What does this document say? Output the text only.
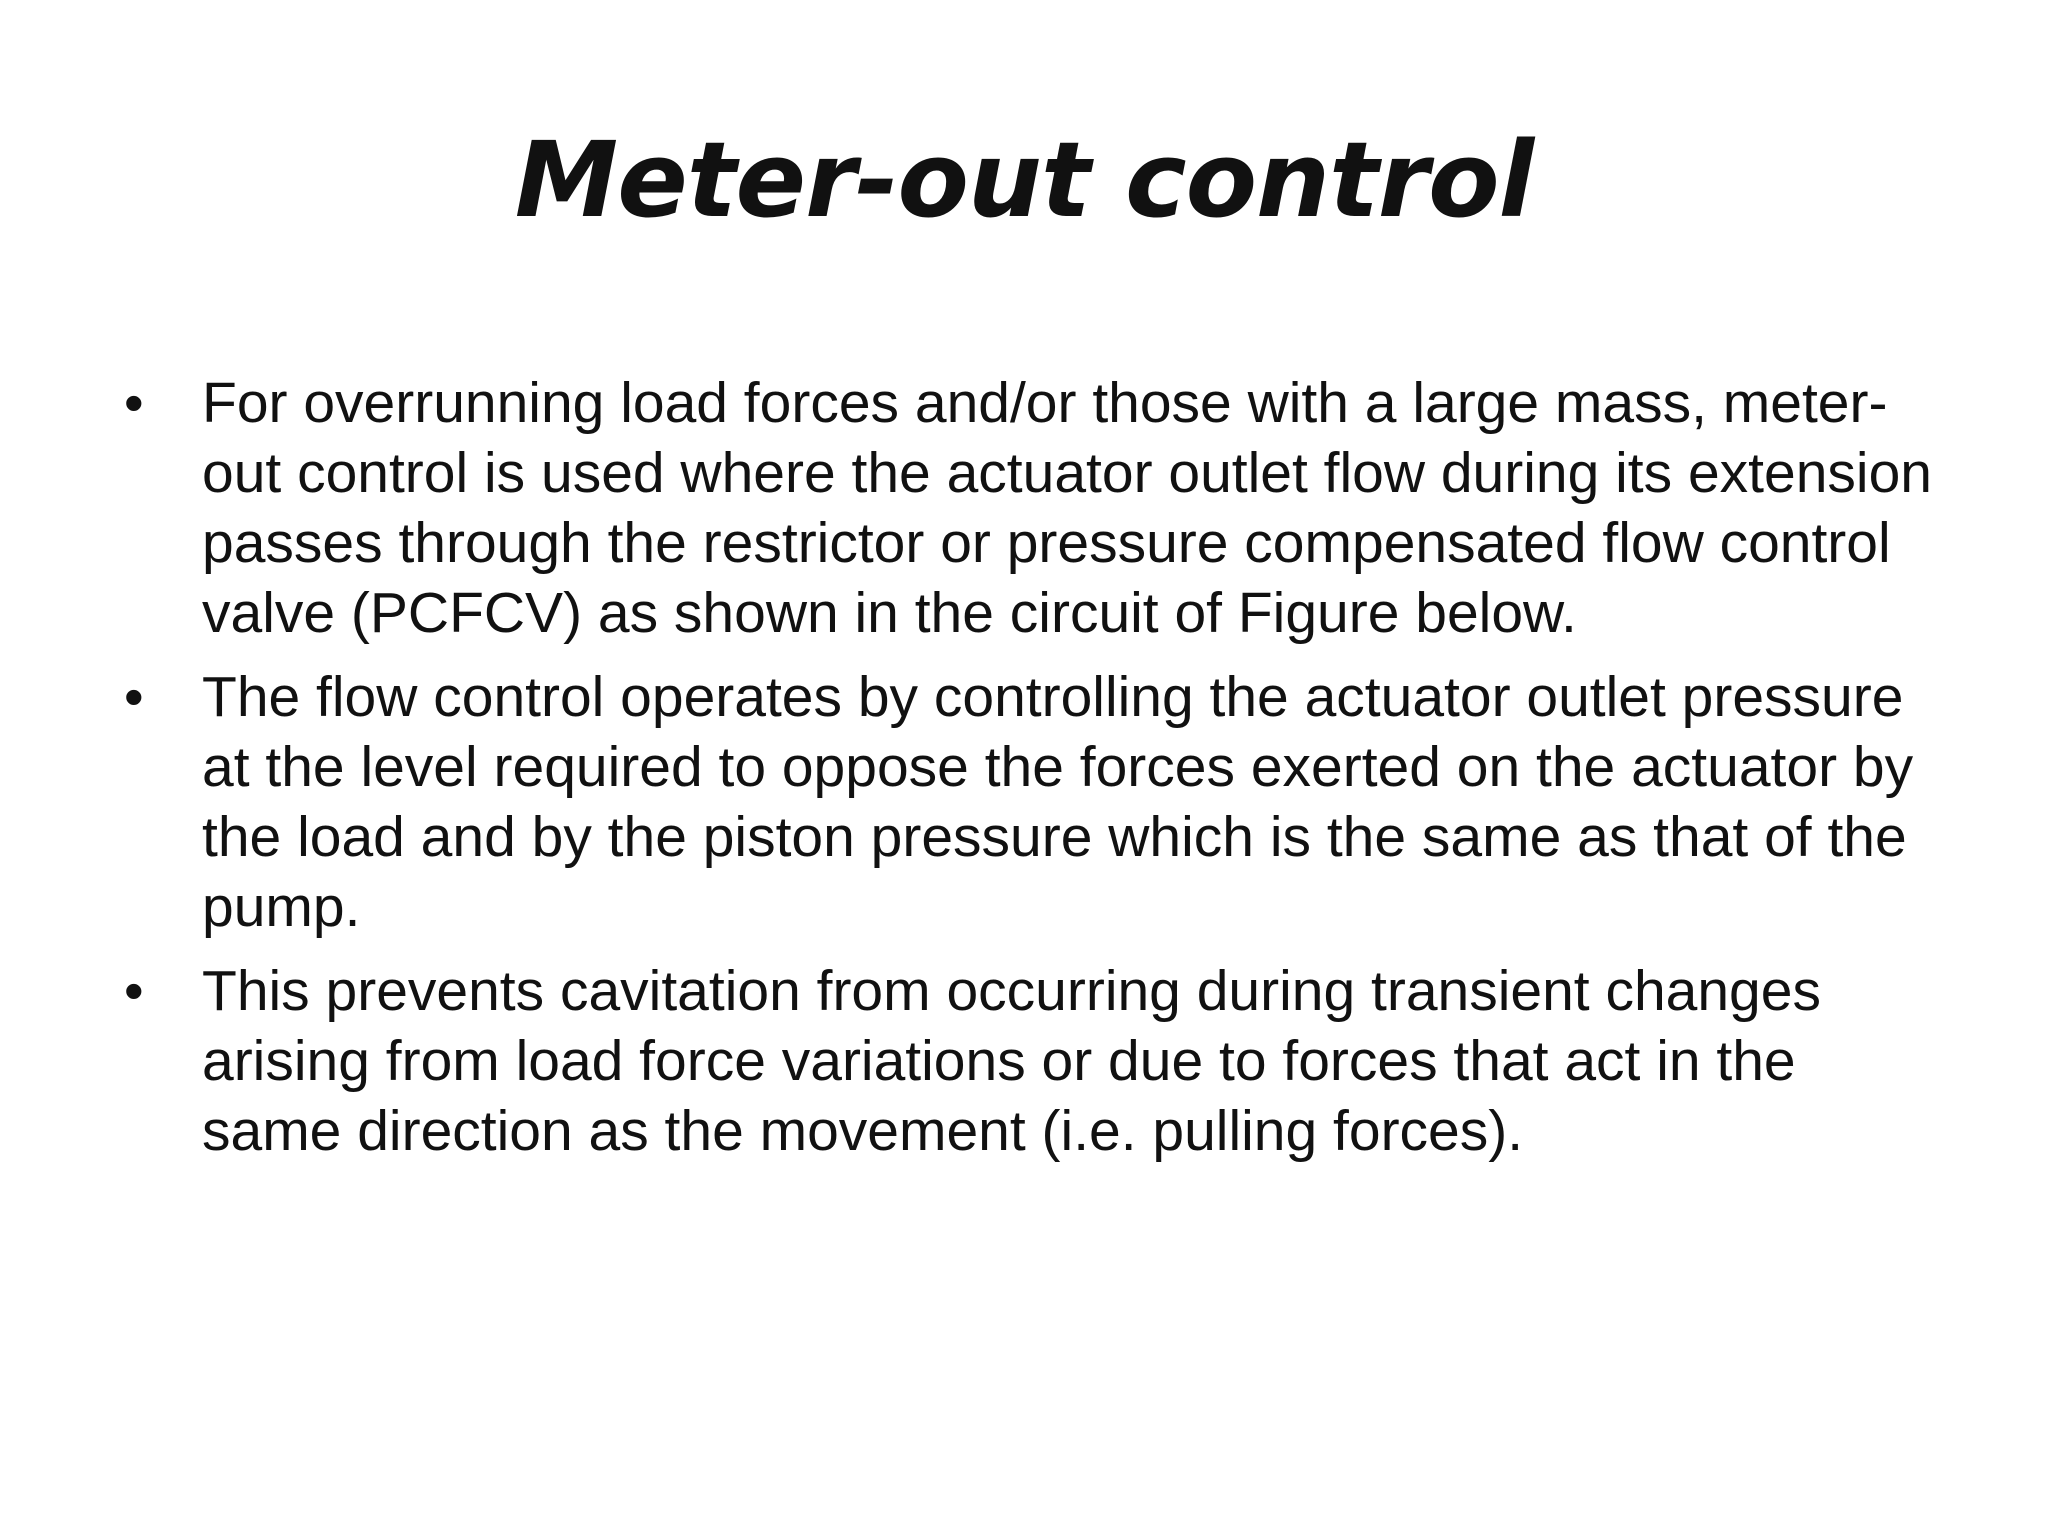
Meter-out control
• For overrunning load forces and/or those with a large mass, meter-out control is used where the actuator outlet flow during its extension passes through the restrictor or pressure compensated flow control valve (PCFCV) as shown in the circuit of Figure below.
• The flow control operates by controlling the actuator outlet pressure at the level required to oppose the forces exerted on the actuator by the load and by the piston pressure which is the same as that of the pump.
• This prevents cavitation from occurring during transient changes arising from load force variations or due to forces that act in the same direction as the movement (i.e. pulling forces).
